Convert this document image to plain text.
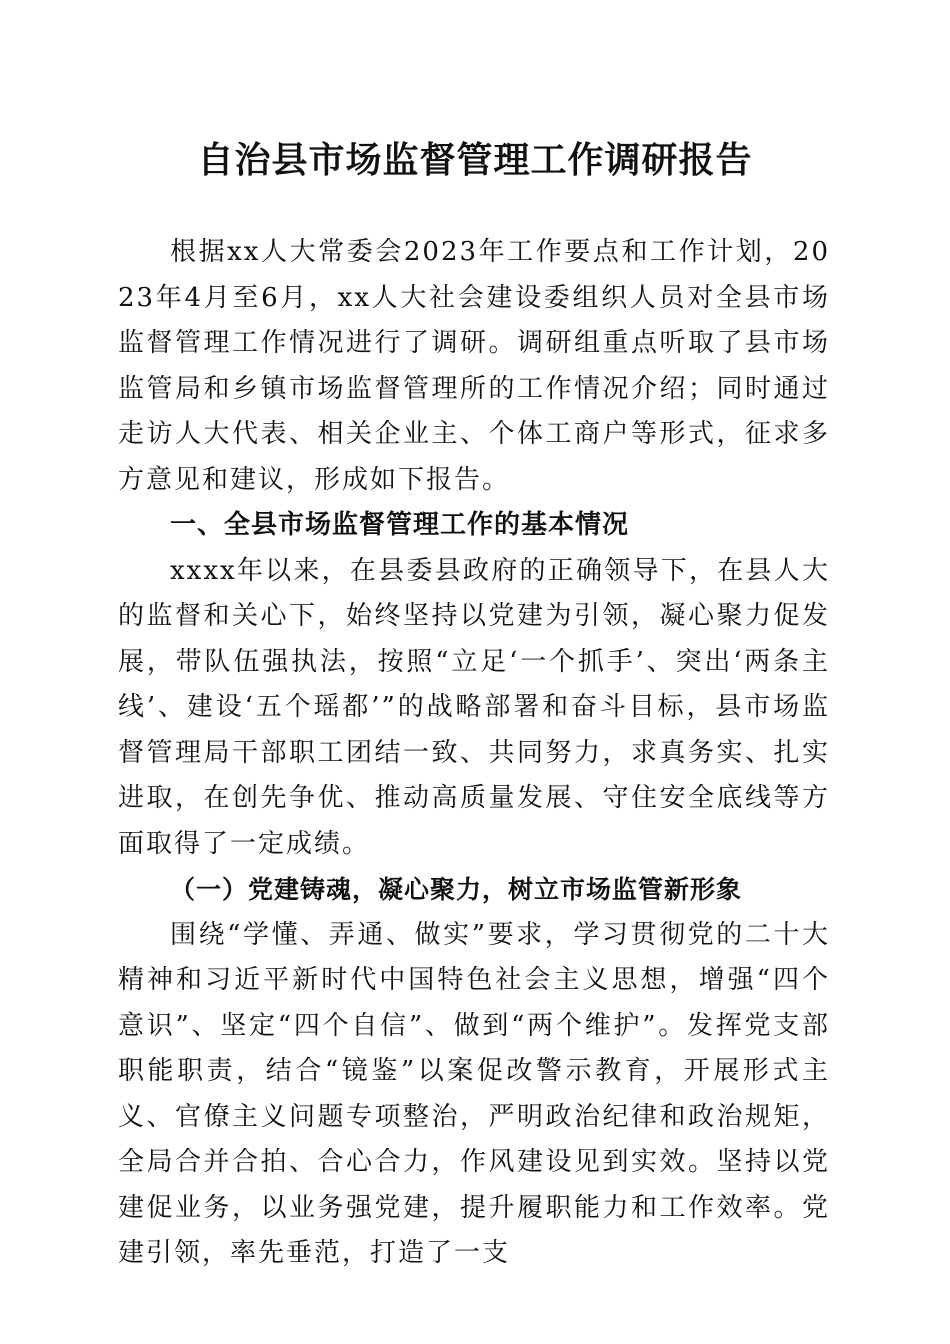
自治县市场监督管理工作调研报告

根据xx人大常委会2023年工作要点和工作计划，2023年4月至6月，xx人大社会建设委组织人员对全县市场监督管理工作情况进行了调研。调研组重点听取了县市场监管局和乡镇市场监督管理所的工作情况介绍；同时通过走访人大代表、相关企业主、个体工商户等形式，征求多方意见和建议，形成如下报告。

一、全县市场监督管理工作的基本情况

xxxx年以来，在县委县政府的正确领导下，在县人大的监督和关心下，始终坚持以党建为引领，凝心聚力促发展，带队伍强执法，按照“立足‘一个抓手’、突出‘两条主线’、建设‘五个瑶都’”的战略部署和奋斗目标，县市场监督管理局干部职工团结一致、共同努力，求真务实、扎实进取，在创先争优、推动高质量发展、守住安全底线等方面取得了一定成绩。

（一）党建铸魂，凝心聚力，树立市场监管新形象

围绕“学懂、弄通、做实”要求，学习贯彻党的二十大精神和习近平新时代中国特色社会主义思想，增强“四个意识”、坚定“四个自信”、做到“两个维护”。发挥党支部职能职责，结合“镜鉴”以案促改警示教育，开展形式主义、官僚主义问题专项整治，严明政治纪律和政治规矩，全局合并合拍、合心合力，作风建设见到实效。坚持以党建促业务，以业务强党建，提升履职能力和工作效率。党建引领，率先垂范，打造了一支
